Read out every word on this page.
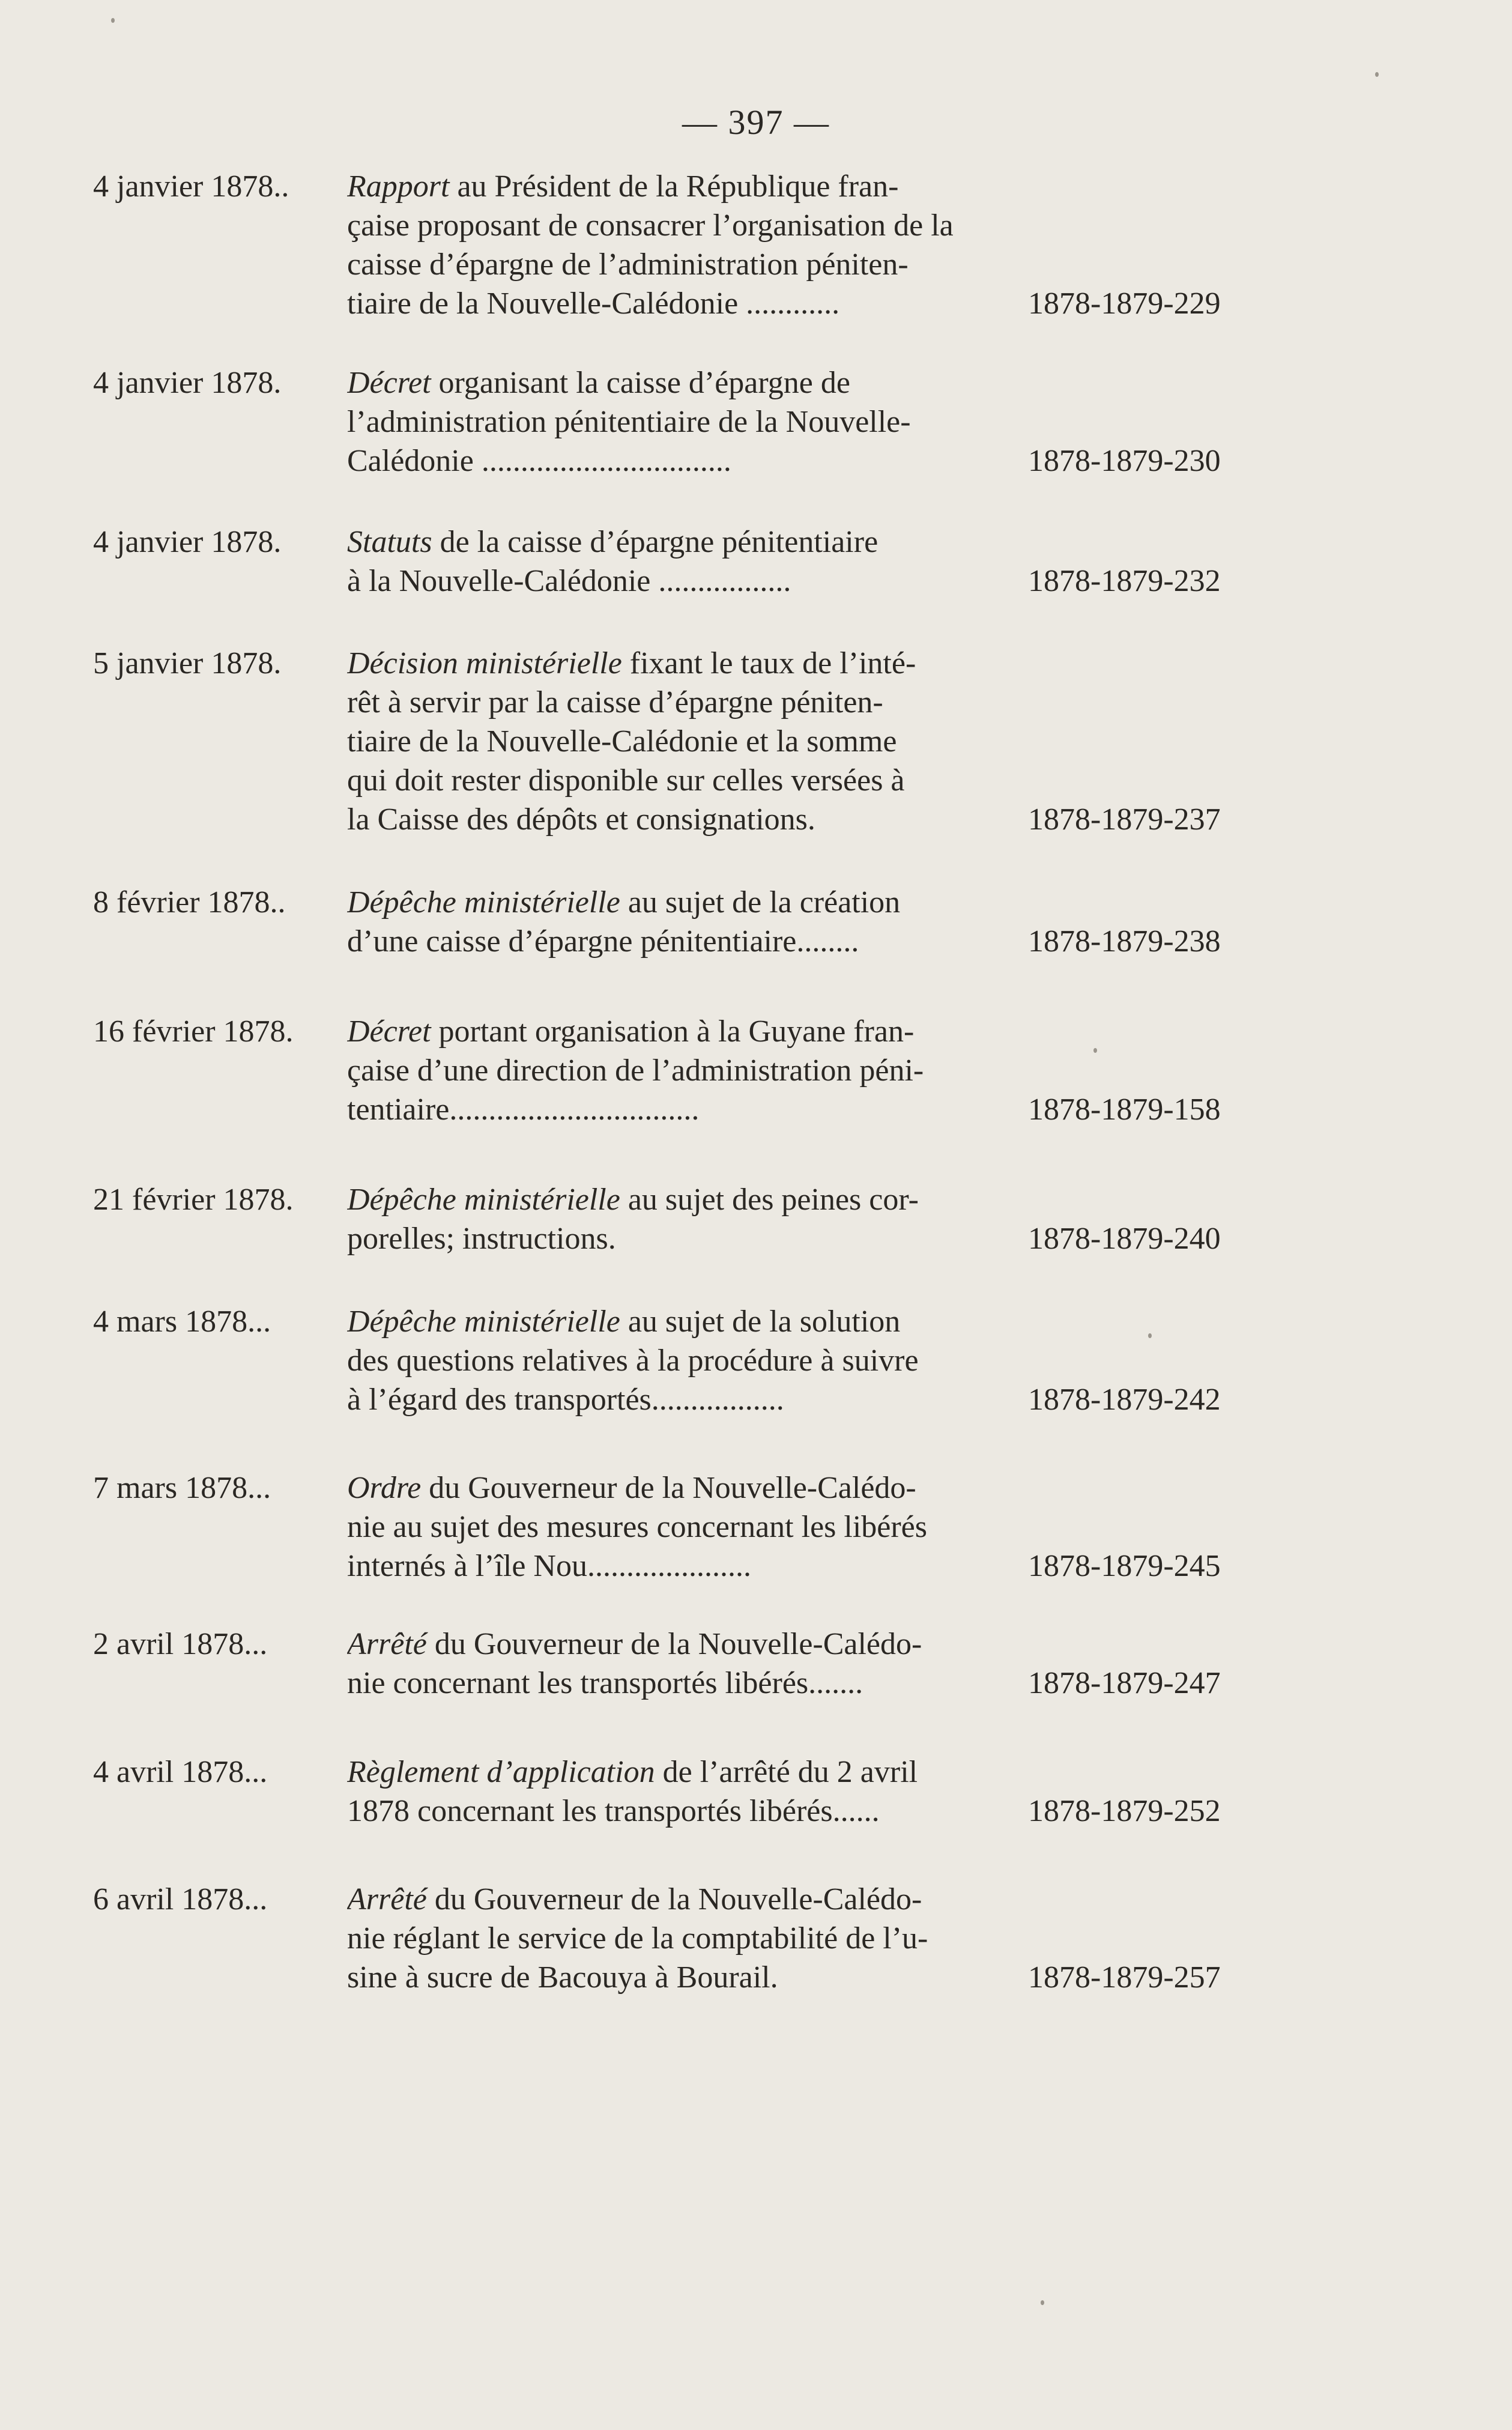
— 397 —
4 janvier 1878.. Rapport au Président de la République fran-
çaise proposant de consacrer l’organisation de la
caisse d’épargne de l’administration péniten-
tiaire de la Nouvelle-Calédonie ............	1878-1879-229
4 janvier 1878. Décret organisant la caisse d’épargne de
l’administration pénitentiaire de la Nouvelle-
Calédonie ................................	1878-1879-230
4 janvier 1878. Statuts de la caisse d’épargne pénitentiaire
à la Nouvelle-Calédonie .................	1878-1879-232
5 janvier 1878. Décision ministérielle fixant le taux de l’inté-
rêt à servir par la caisse d’épargne péniten-
tiaire de la Nouvelle-Calédonie et la somme
qui doit rester disponible sur celles versées à
la Caisse des dépôts et consignations.	1878-1879-237
8 février 1878.. Dépêche ministérielle au sujet de la création
d’une caisse d’épargne pénitentiaire........	1878-1879-238
16 février 1878. Décret portant organisation à la Guyane fran-
çaise d’une direction de l’administration péni-
tentiaire................................	1878-1879-158
21 février 1878. Dépêche ministérielle au sujet des peines cor-
porelles; instructions.	1878-1879-240
4 mars 1878... Dépêche ministérielle au sujet de la solution
des questions relatives à la procédure à suivre
à l’égard des transportés.................	1878-1879-242
7 mars 1878... Ordre du Gouverneur de la Nouvelle-Calédo-
nie au sujet des mesures concernant les libérés
internés à l’île Nou.....................	1878-1879-245
2 avril 1878...	Arrêté du Gouverneur de la Nouvelle-Calédo-
nie concernant les transportés libérés.......	1878-1879-247
4 avril 1878...	Règlement d’application de l’arrêté du 2 avril
1878 concernant les transportés libérés......	1878-1879-252
6 avril 1878...	Arrêté du Gouverneur de la Nouvelle-Calédo-
nie réglant le service de la comptabilité de l’u-
sine à sucre de Bacouya à Bourail.	1878-1879-257
